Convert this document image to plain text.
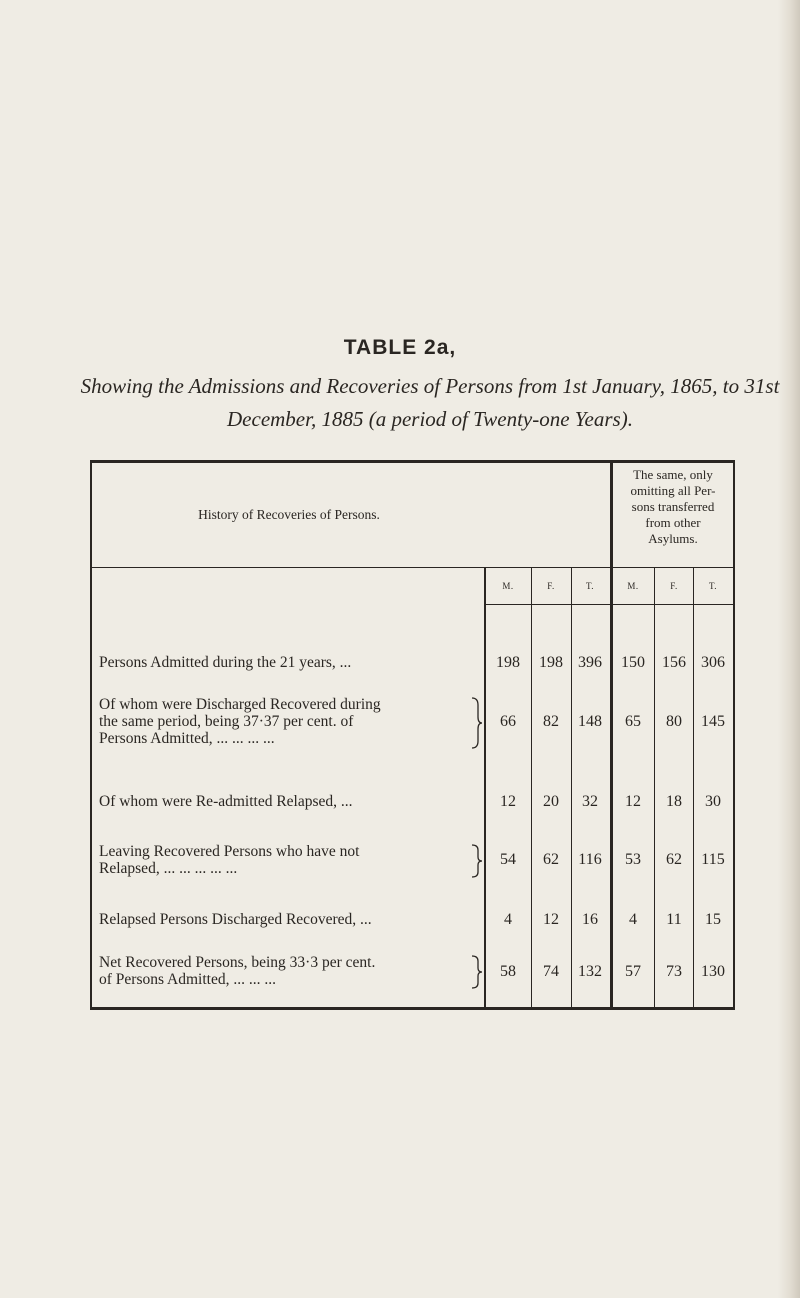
TABLE 2a,
Showing the Admissions and Recoveries of Persons from 1st January, 1865, to 31st December, 1885 (a period of Twenty-one Years).
History of Recoveries of Persons.
The same, only
omitting all Per-
sons transferred
from other
Asylums.
M.	F.	T.	M.	F.	T.
Persons Admitted during the 21 years, ...	198	198 396	150	156 306
Of whom were Discharged Recovered during
the same period, being 37·37 per cent. of
Persons Admitted, ... ... ... ...
66	82	148	65	80	145
Of whom were Re-admitted Relapsed, ...	12	20	32	12	18	30
Leaving Recovered Persons who have not
Relapsed, ... ... ... ... ...
54	62	116	53	62	115
Relapsed Persons Discharged Recovered, ...	4	12	16	4	11	15
Net Recovered Persons, being 33·3 per cent.
of Persons Admitted, ... ... ...	58	74	132	57	73	130
